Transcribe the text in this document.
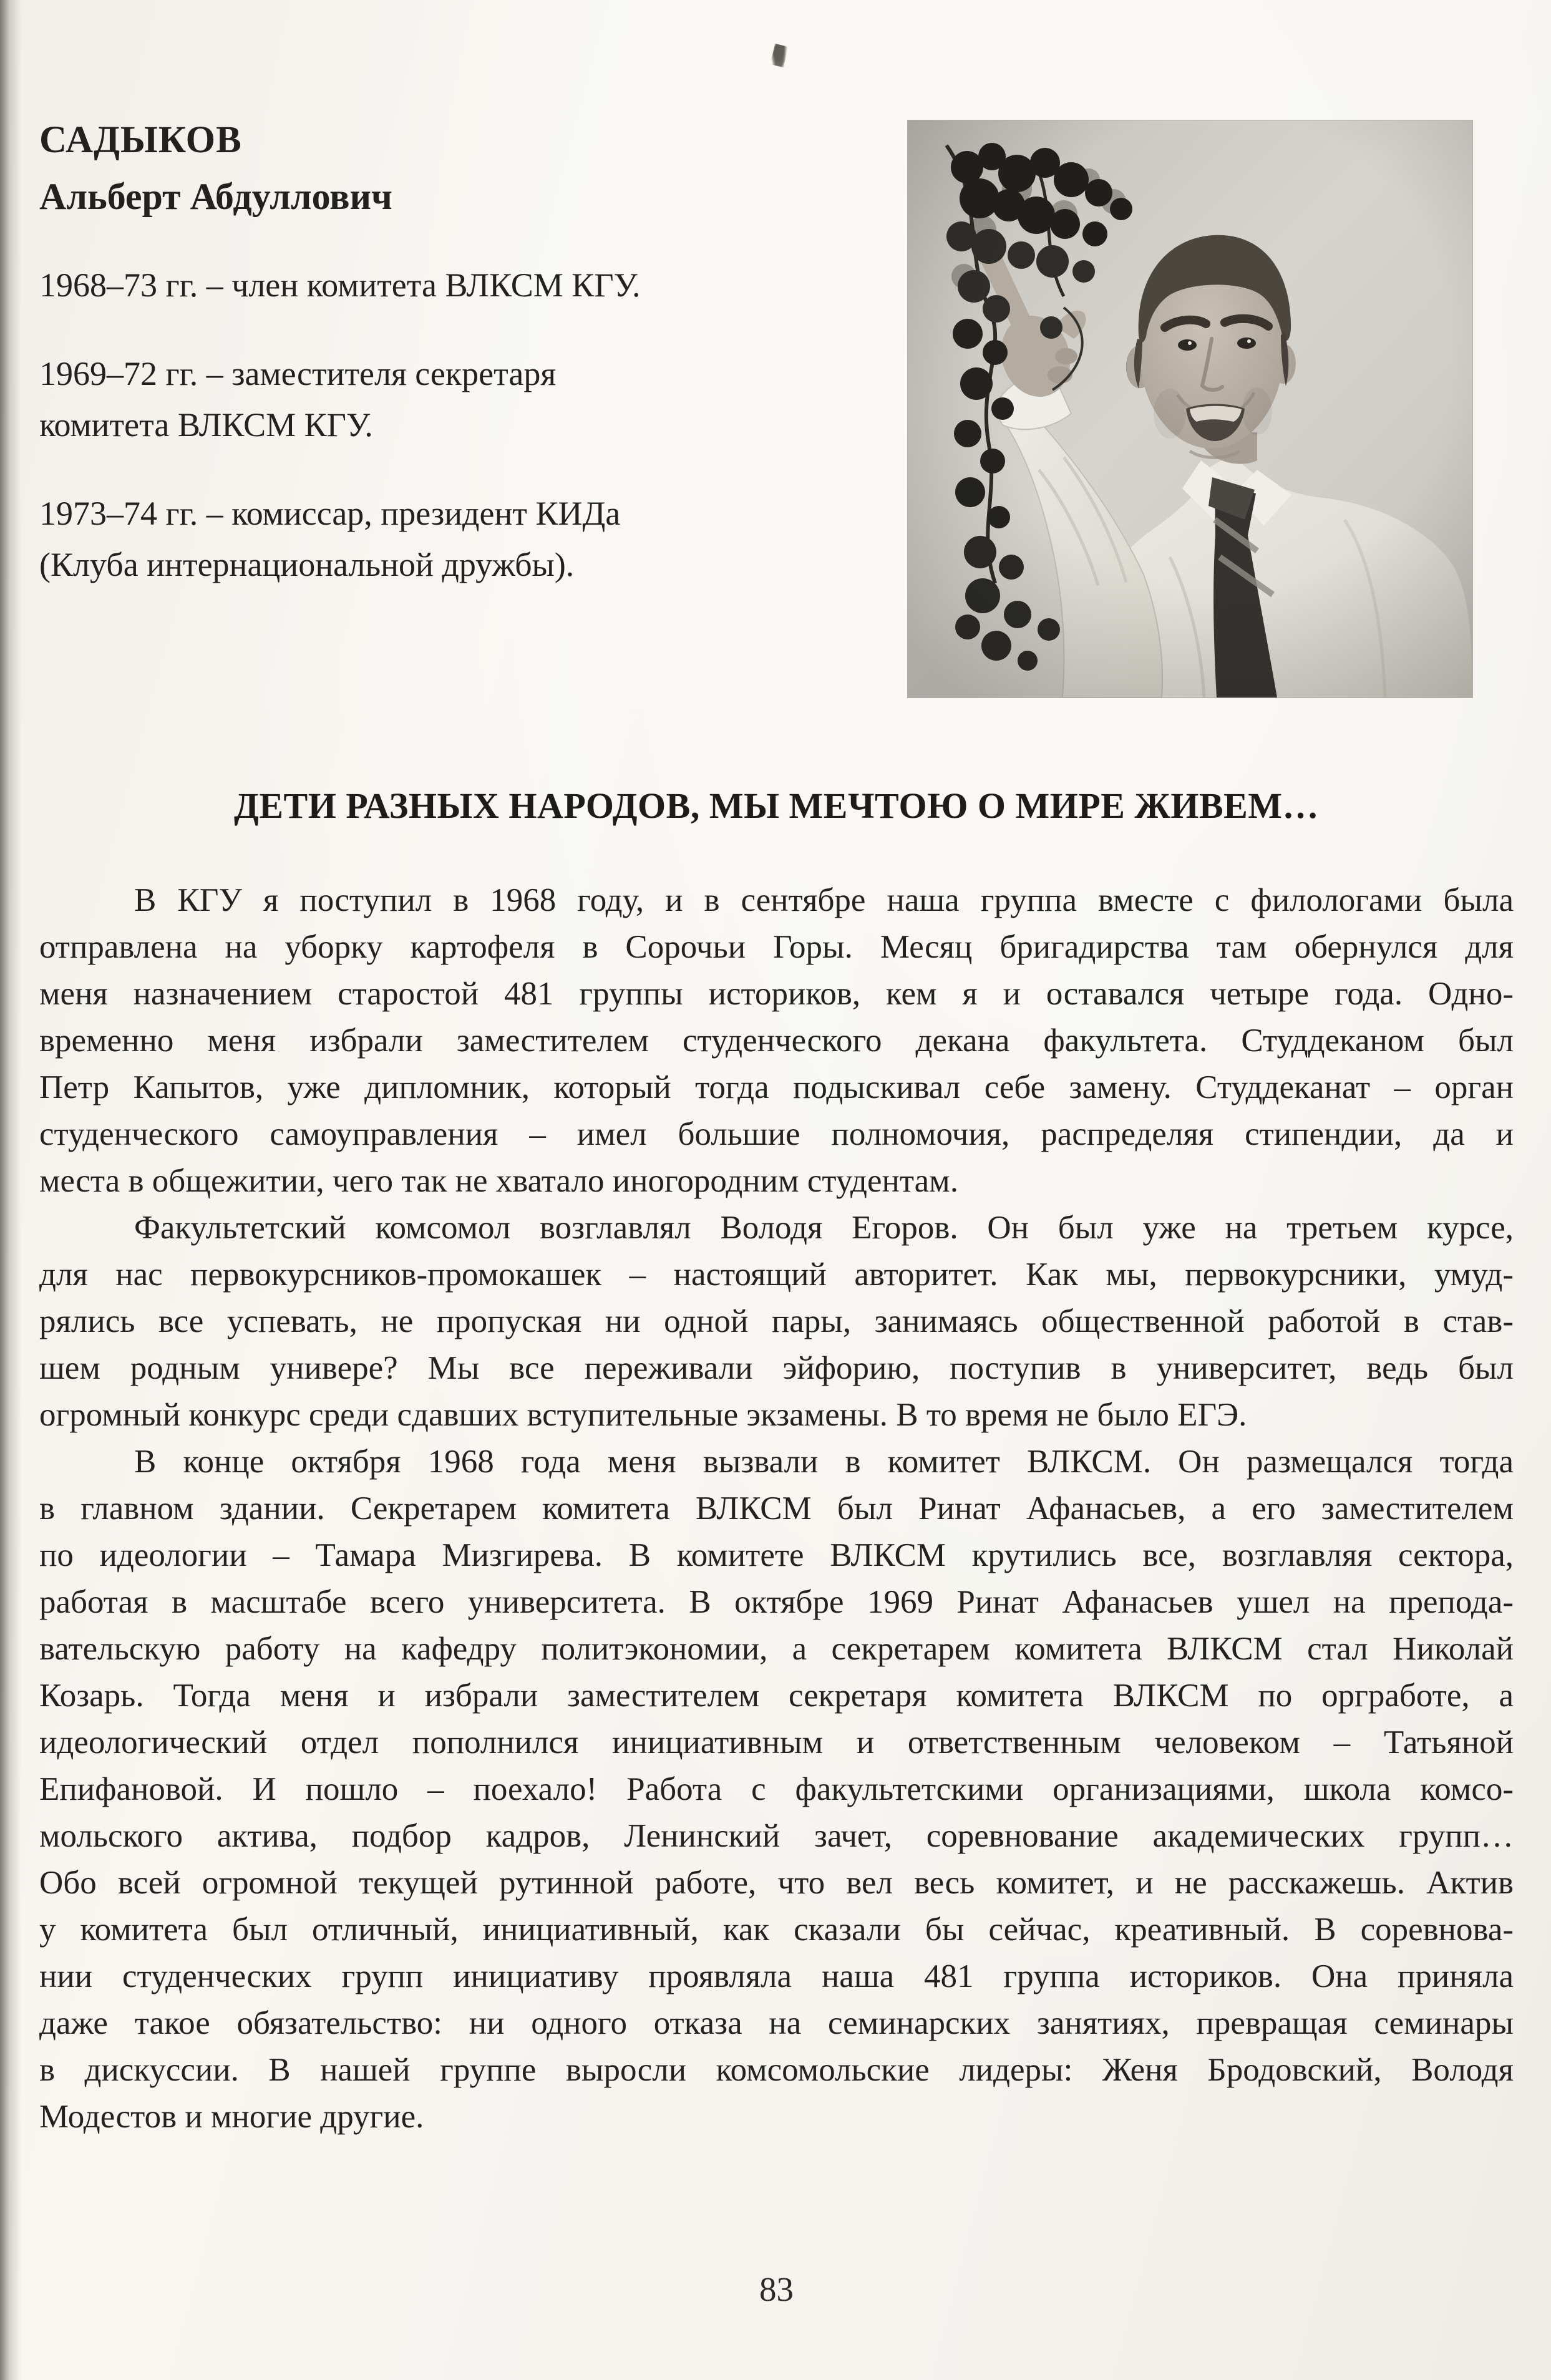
САДЫКОВ
Альберт Абдуллович
1968–73 гг. – член комитета ВЛКСМ КГУ.
1969–72 гг. – заместителя секретаря
комитета ВЛКСМ КГУ.
1973–74 гг. – комиссар, президент КИДа
(Клуба интернациональной дружбы).
ДЕТИ РАЗНЫХ НАРОДОВ, МЫ МЕЧТОЮ О МИРЕ ЖИВЕМ…
В КГУ я поступил в 1968 году, и в сентябре наша группа вместе с филологами была
отправлена на уборку картофеля в Сорочьи Горы. Месяц бригадирства там обернулся для
меня назначением старостой 481 группы историков, кем я и оставался четыре года. Одно-
временно меня избрали заместителем студенческого декана факультета. Студдеканом был
Петр Капытов, уже дипломник, который тогда подыскивал себе замену. Студдеканат – орган
студенческого самоуправления – имел большие полномочия, распределяя стипендии, да и
места в общежитии, чего так не хватало иногородним студентам.
Факультетский комсомол возглавлял Володя Егоров. Он был уже на третьем курсе,
для нас первокурсников-промокашек – настоящий авторитет. Как мы, первокурсники, умуд-
рялись все успевать, не пропуская ни одной пары, занимаясь общественной работой в став-
шем родным универе? Мы все переживали эйфорию, поступив в университет, ведь был
огромный конкурс среди сдавших вступительные экзамены. В то время не было ЕГЭ.
В конце октября 1968 года меня вызвали в комитет ВЛКСМ. Он размещался тогда
в главном здании. Секретарем комитета ВЛКСМ был Ринат Афанасьев, а его заместителем
по идеологии – Тамара Мизгирева. В комитете ВЛКСМ крутились все, возглавляя сектора,
работая в масштабе всего университета. В октябре 1969 Ринат Афанасьев ушел на препода-
вательскую работу на кафедру политэкономии, а секретарем комитета ВЛКСМ стал Николай
Козарь. Тогда меня и избрали заместителем секретаря комитета ВЛКСМ по оргработе, а
идеологический отдел пополнился инициативным и ответственным человеком – Татьяной
Епифановой. И пошло – поехало! Работа с факультетскими организациями, школа комсо-
мольского актива, подбор кадров, Ленинский зачет, соревнование академических групп…
Обо всей огромной текущей рутинной работе, что вел весь комитет, и не расскажешь. Актив
у комитета был отличный, инициативный, как сказали бы сейчас, креативный. В соревнова-
нии студенческих групп инициативу проявляла наша 481 группа историков. Она приняла
даже такое обязательство: ни одного отказа на семинарских занятиях, превращая семинары
в дискуссии. В нашей группе выросли комсомольские лидеры: Женя Бродовский, Володя
Модестов и многие другие.
83
